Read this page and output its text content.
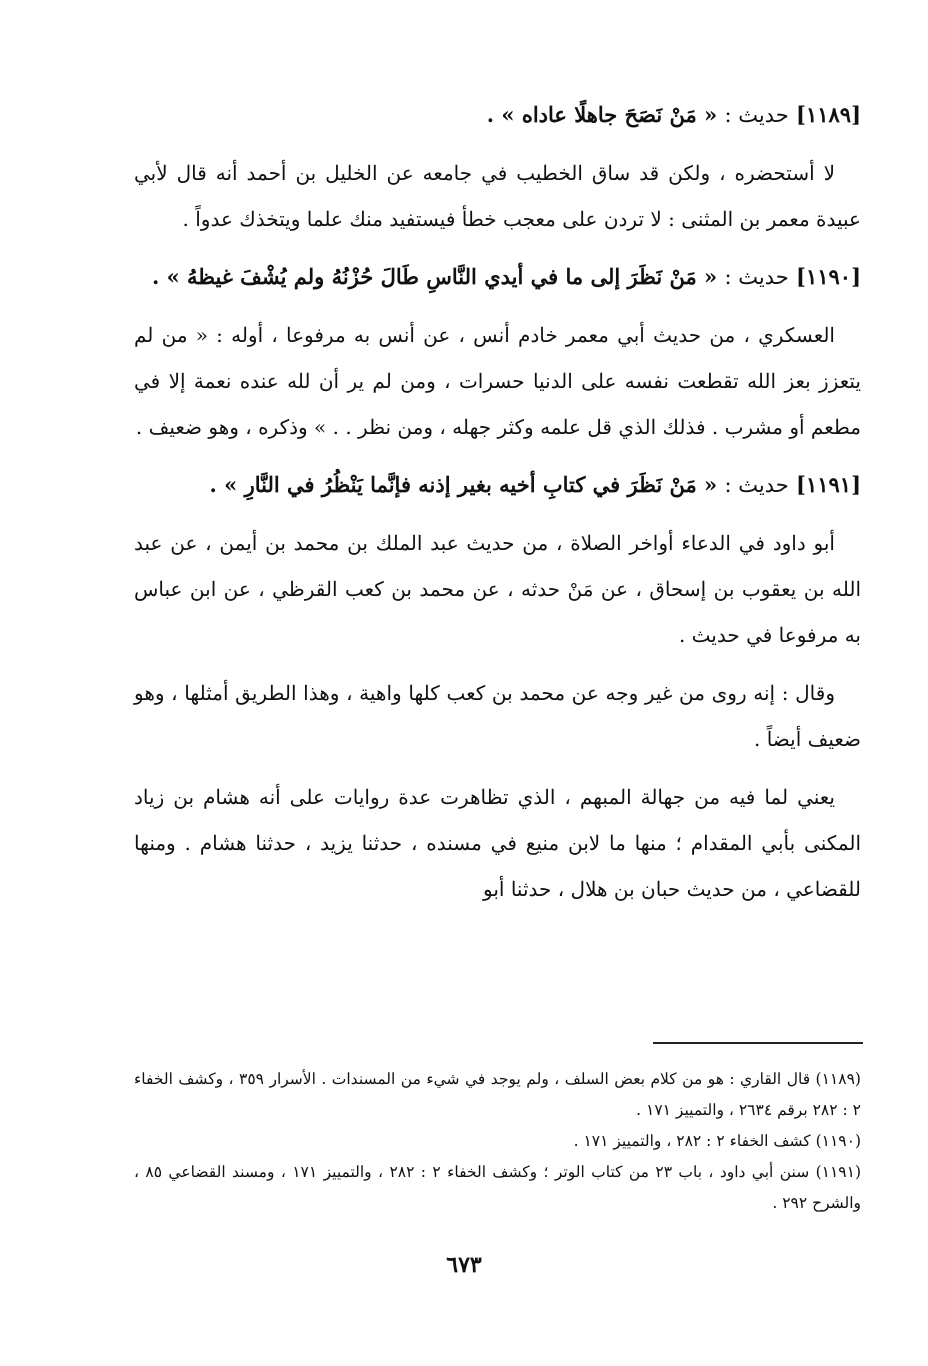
[١١٨٩] حديث : « مَنْ نَصَحَ جاهلًا عاداه » .

لا أستحضره ، ولكن قد ساق الخطيب في جامعه عن الخليل بن أحمد أنه قال لأبي عبيدة معمر بن المثنى : لا تردن على معجب خطأ فيستفيد منك علما ويتخذك عدواً .

[١١٩٠] حديث : « مَنْ نَظَرَ إلى ما في أيدي النَّاسِ طَالَ حُزْنُهُ ولم يُشْفَ غيظهُ » .

العسكري ، من حديث أبي معمر خادم أنس ، عن أنس به مرفوعا ، أوله : « من لم يتعزز بعز الله تقطعت نفسه على الدنيا حسرات ، ومن لم ير أن لله عنده نعمة إلا في مطعم أو مشرب . فذلك الذي قل علمه وكثر جهله ، ومن نظر . . » وذكره ، وهو ضعيف .

[١١٩١] حديث : « مَنْ نَظَرَ في كتابِ أخيه بغير إذنه فإنَّما يَنْظُرُ في النَّارِ » .

أبو داود في الدعاء أواخر الصلاة ، من حديث عبد الملك بن محمد بن أيمن ، عن عبد الله بن يعقوب بن إسحاق ، عن مَنْ حدثه ، عن محمد بن كعب القرظي ، عن ابن عباس به مرفوعا في حديث .

وقال : إنه روى من غير وجه عن محمد بن كعب كلها واهية ، وهذا الطريق أمثلها ، وهو ضعيف أيضاً .

يعني لما فيه من جهالة المبهم ، الذي تظاهرت عدة روايات على أنه هشام بن زياد المكنى بأبي المقدام ؛ منها ما لابن منيع في مسنده ، حدثنا يزيد ، حدثنا هشام . ومنها للقضاعي ، من حديث حبان بن هلال ، حدثنا أبو

(١١٨٩) قال القاري : هو من كلام بعض السلف ، ولم يوجد في شيء من المسندات . الأسرار ٣٥٩ ، وكشف الخفاء ٢ : ٢٨٢ برقم ٢٦٣٤ ، والتمييز ١٧١ .

(١١٩٠) كشف الخفاء ٢ : ٢٨٢ ، والتمييز ١٧١ .

(١١٩١) سنن أبي داود ، باب ٢٣ من كتاب الوتر ؛ وكشف الخفاء ٢ : ٢٨٢ ، والتمييز ١٧١ ، ومسند القضاعي ٨٥ ، والشرح ٢٩٢ .

٦٧٣
